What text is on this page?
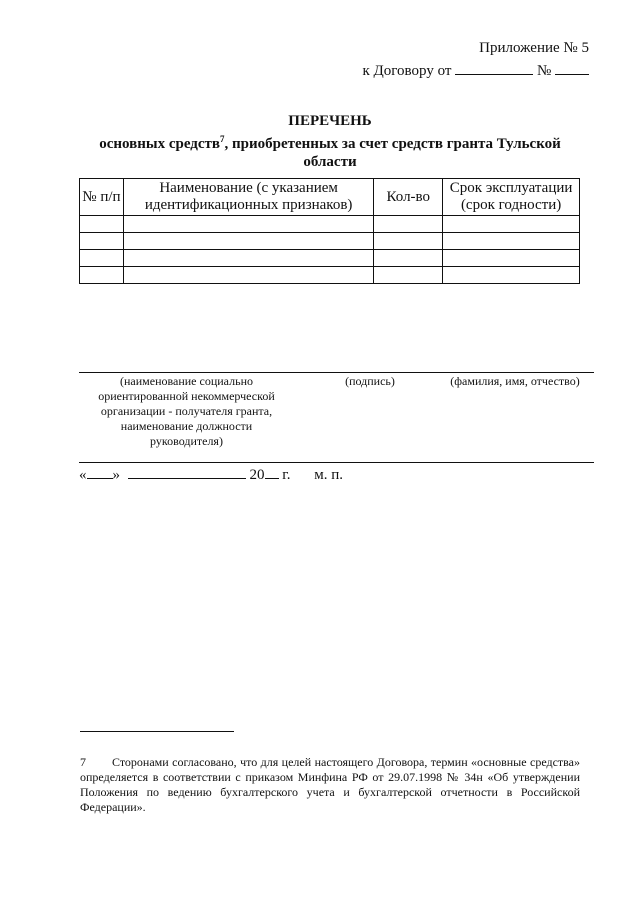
Приложение № 5
к Договору от	№
ПЕРЕЧЕНЬ
основных средств$^7$, приобретенных за счет средств гранта Тульской
области
№ п/п	Наименование (с указанием идентификационных признаков)	Кол-во	Срок эксплуатации (срок годности)

(наименование социально ориентированной некоммерческой организации - получателя гранта, наименование должности руководителя)
(подпись)	(фамилия, имя, отчество)
« »	20 г. м. п.
7 Сторонами согласовано, что для целей настоящего Договора, термин «основные средства» определяется в соответствии с приказом Минфина РФ от 29.07.1998 № 34н «Об утверждении Положения по ведению бухгалтерского учета и бухгалтерской отчетности в Российской Федерации».
